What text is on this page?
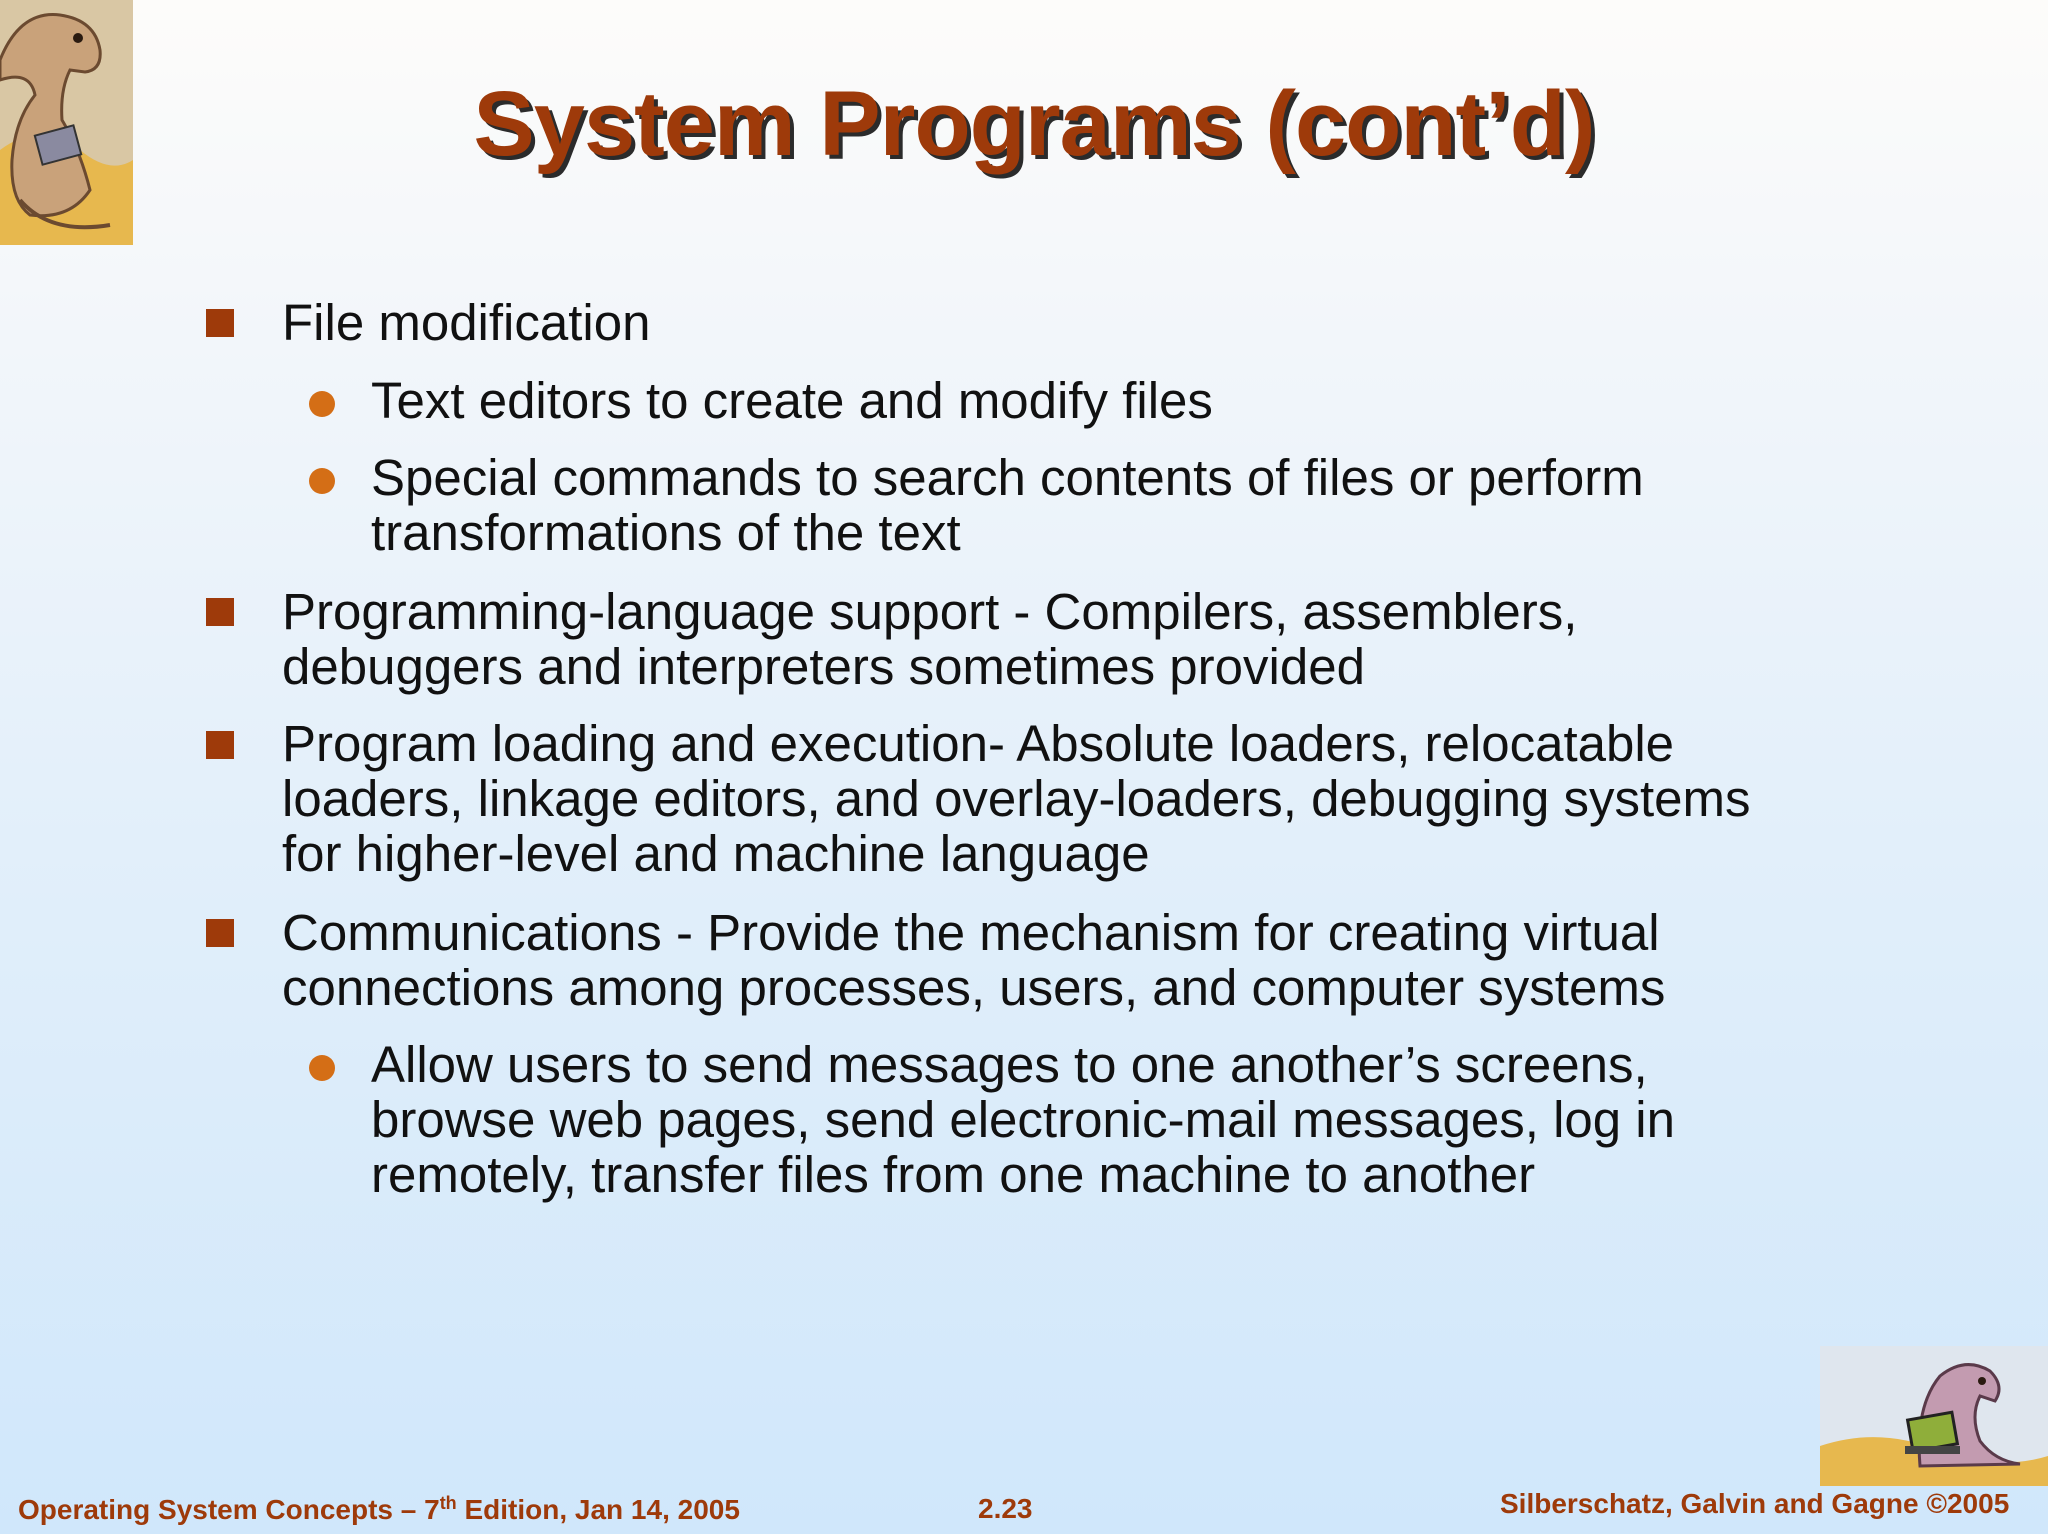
System Programs (cont’d)
File modification
Text editors to create and modify files
Special commands to search contents of files or perform transformations of the text
Programming-language support - Compilers, assemblers, debuggers and interpreters sometimes provided
Program loading and execution- Absolute loaders, relocatable loaders, linkage editors, and overlay-loaders, debugging systems for higher-level and machine language
Communications - Provide the mechanism for creating virtual connections among processes, users, and computer systems
Allow users to send messages to one another’s screens, browse web pages, send electronic-mail messages, log in remotely, transfer files from one machine to another
Operating System Concepts – 7th Edition, Jan 14, 2005	2.23	Silberschatz, Galvin and Gagne ©2005
